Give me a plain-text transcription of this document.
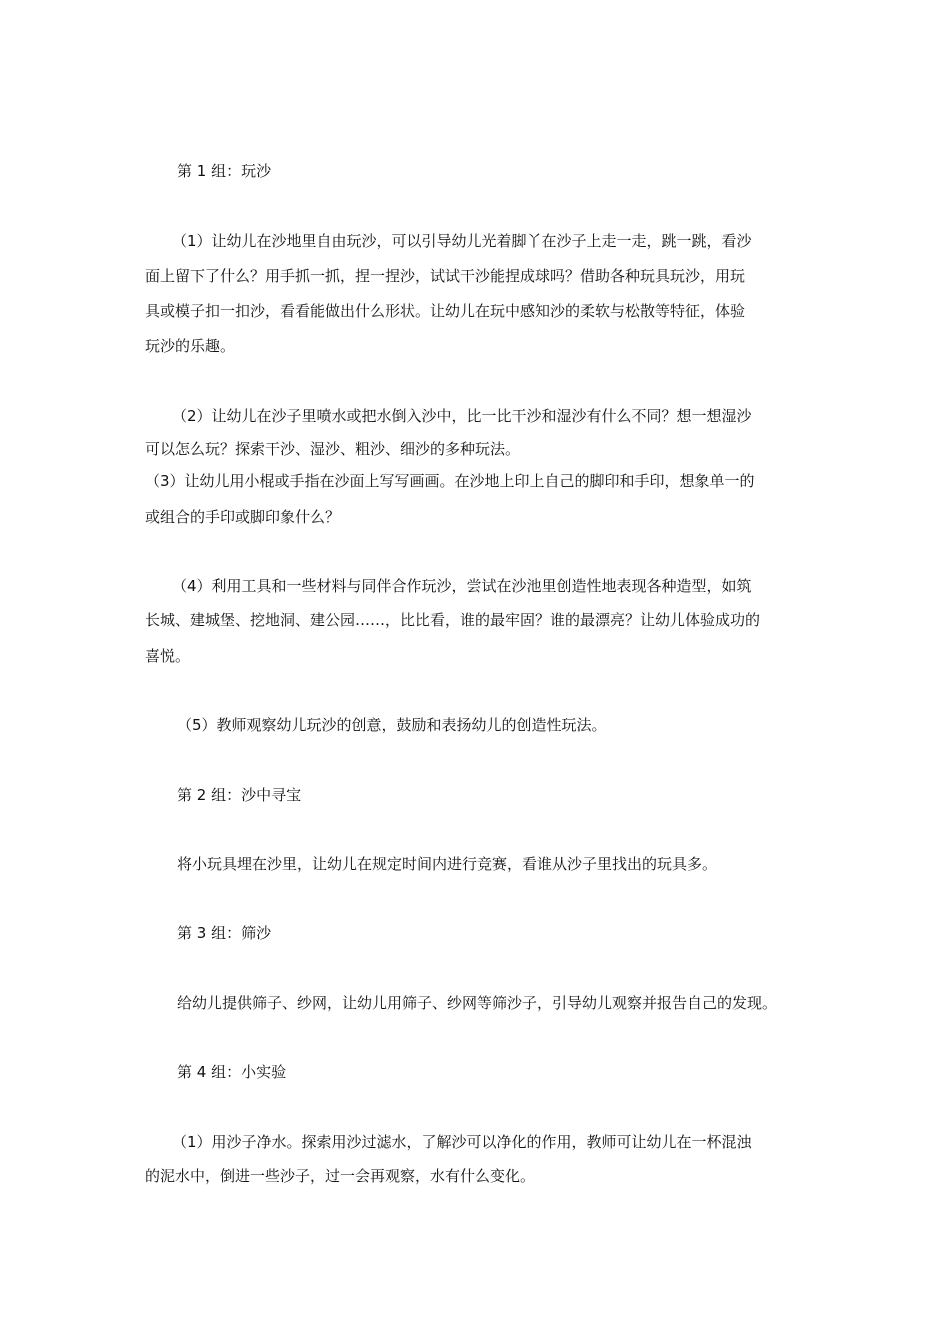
第 1 组：玩沙

（1）让幼儿在沙地里自由玩沙，可以引导幼儿光着脚丫在沙子上走一走，跳一跳，看沙

面上留下了什么？用手抓一抓，捏一捏沙，试试干沙能捏成球吗？借助各种玩具玩沙，用玩

具或模子扣一扣沙，看看能做出什么形状。让幼儿在玩中感知沙的柔软与松散等特征，体验

玩沙的乐趣。

（2）让幼儿在沙子里喷水或把水倒入沙中，比一比干沙和湿沙有什么不同？想一想湿沙

可以怎么玩？探索干沙、湿沙、粗沙、细沙的多种玩法。

（3）让幼儿用小棍或手指在沙面上写写画画。在沙地上印上自己的脚印和手印，想象单一的

或组合的手印或脚印象什么？

（4）利用工具和一些材料与同伴合作玩沙，尝试在沙池里创造性地表现各种造型，如筑

长城、建城堡、挖地洞、建公园……，比比看，谁的最牢固？谁的最漂亮？让幼儿体验成功的

喜悦。

（5）教师观察幼儿玩沙的创意，鼓励和表扬幼儿的创造性玩法。

第 2 组：沙中寻宝

将小玩具埋在沙里，让幼儿在规定时间内进行竞赛，看谁从沙子里找出的玩具多。

第 3 组：筛沙

给幼儿提供筛子、纱网，让幼儿用筛子、纱网等筛沙子，引导幼儿观察并报告自己的发现。

第 4 组：小实验

（1）用沙子净水。探索用沙过滤水，了解沙可以净化的作用，教师可让幼儿在一杯混浊

的泥水中，倒进一些沙子，过一会再观察，水有什么变化。
